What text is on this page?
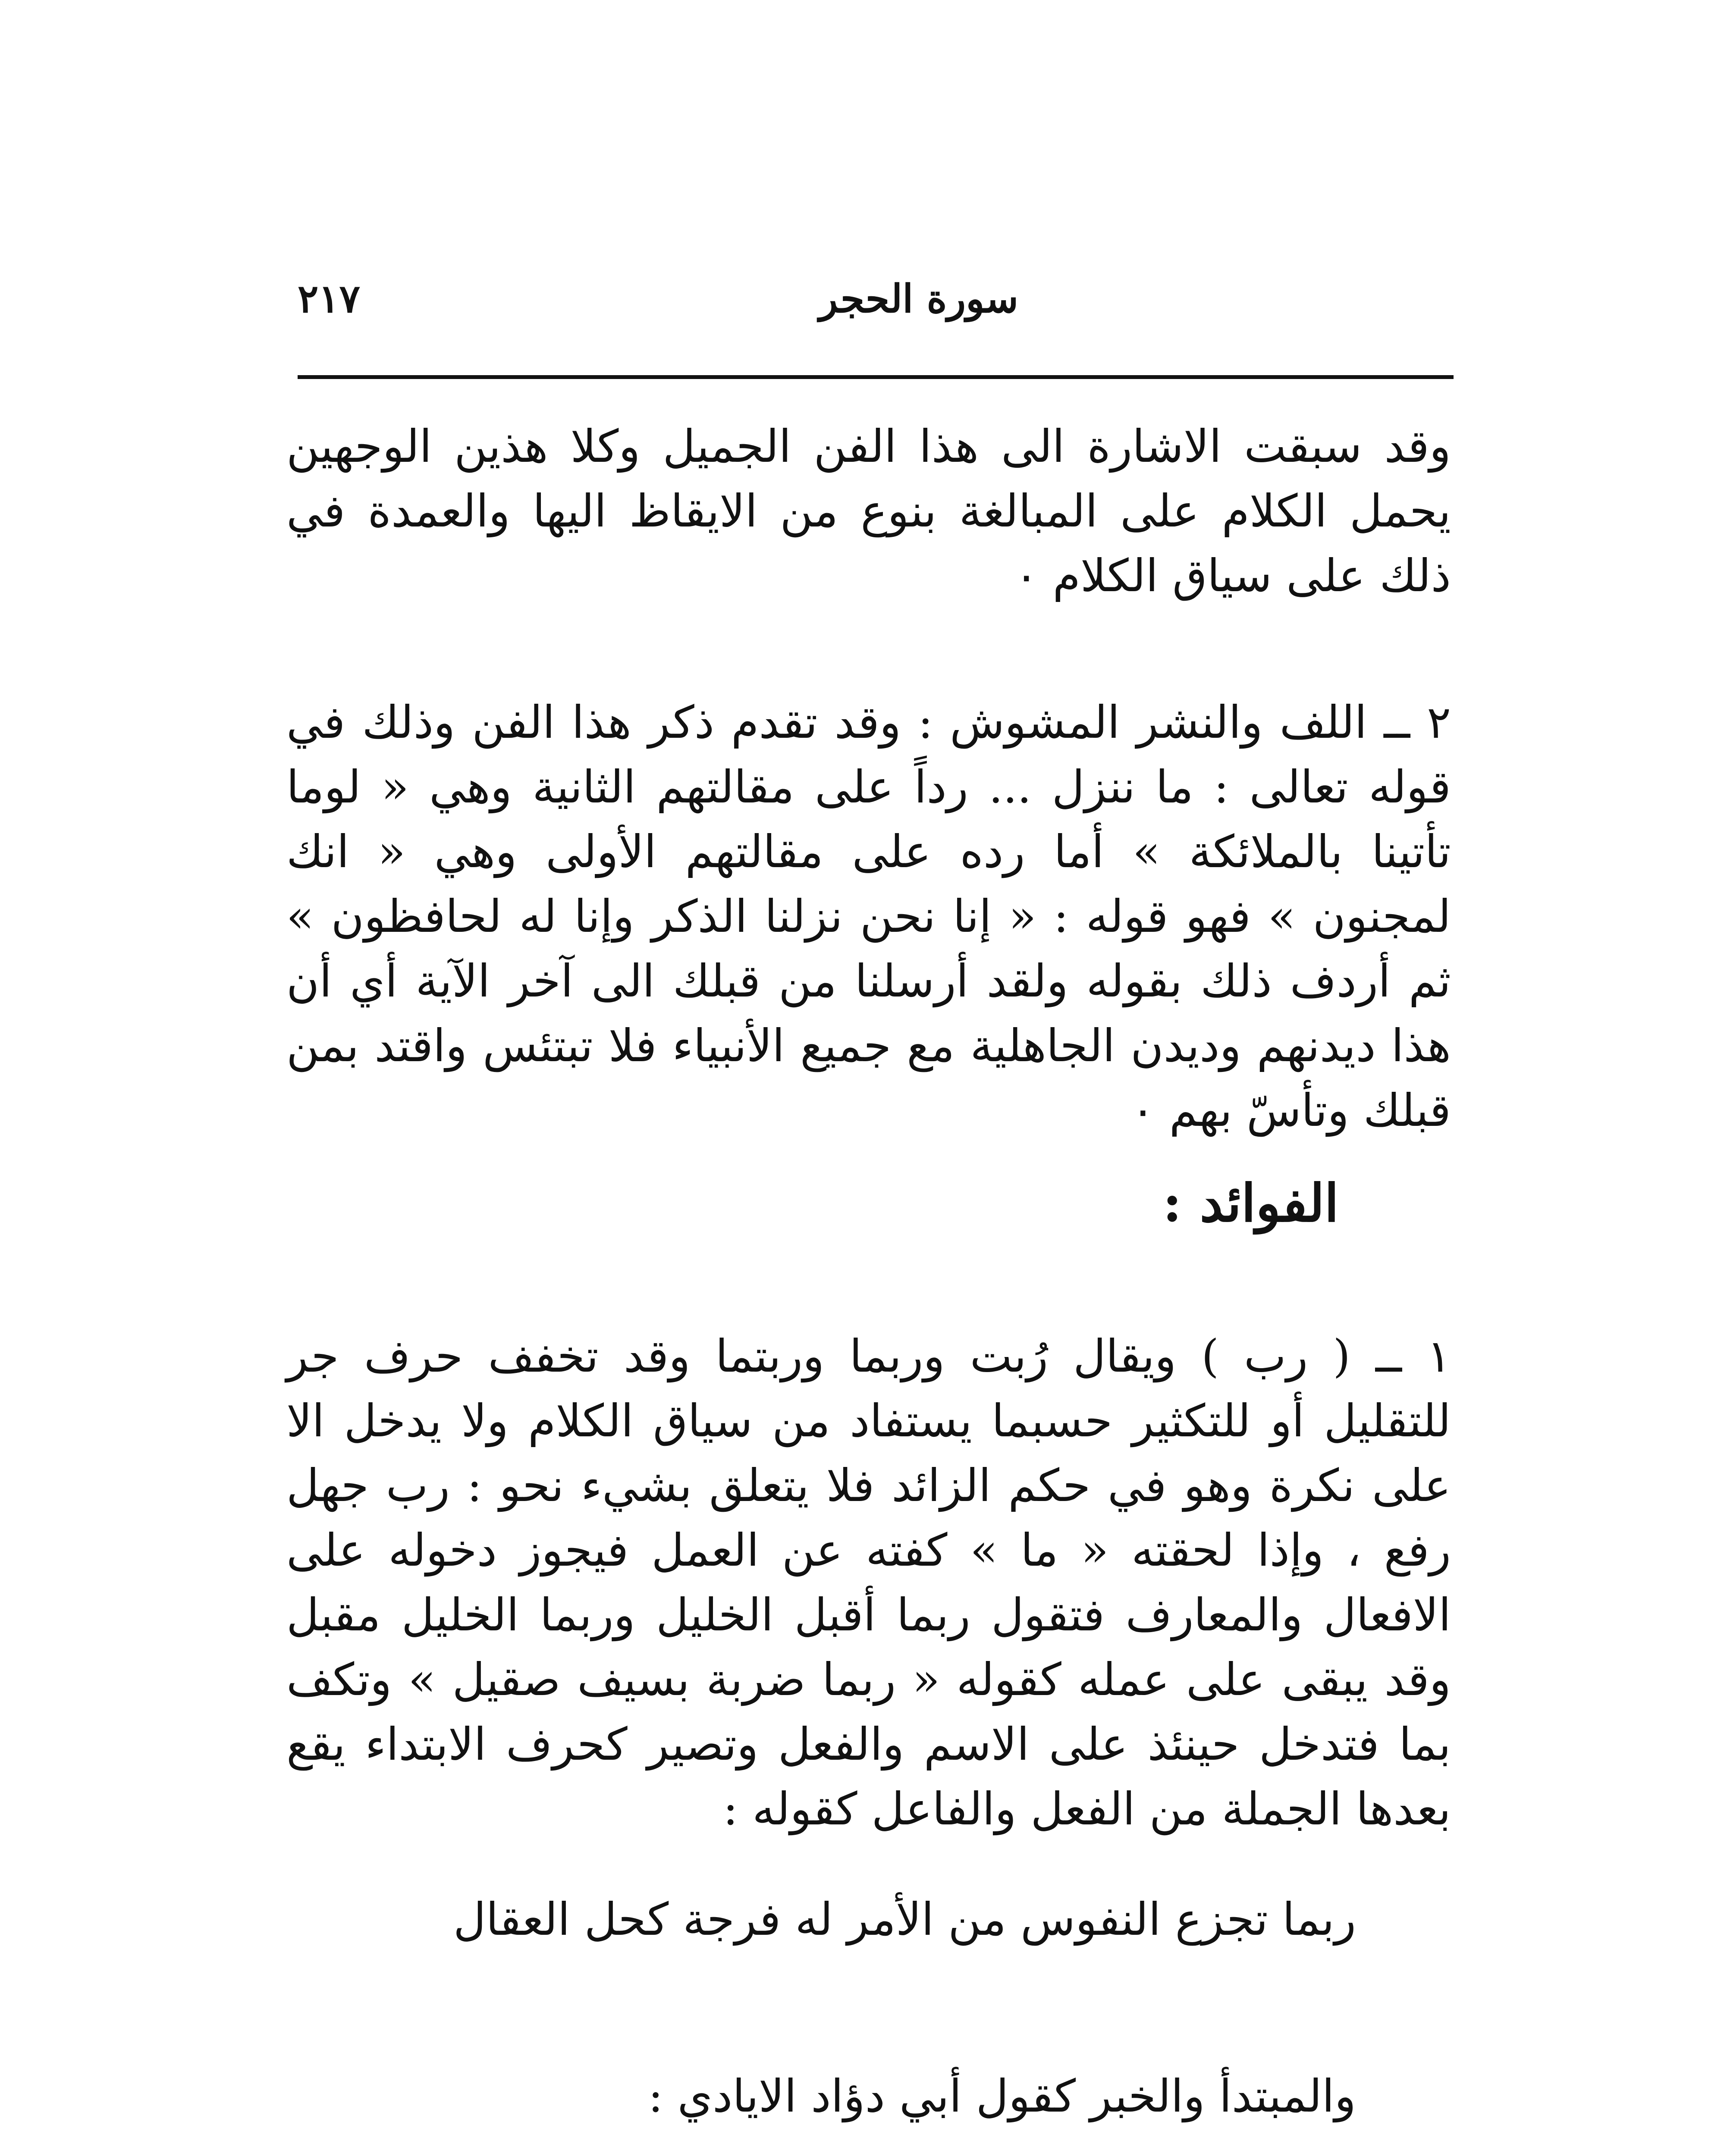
٢١٧	سورة الحجر

وقد سبقت الاشارة الى هذا الفن الجميل وكلا هذين الوجهين يحمل الكلام على المبالغة بنوع من الايقاظ اليها والعمدة في ذلك على سياق الكلام ٠

٢ ــ اللف والنشر المشوش : وقد تقدم ذكر هذا الفن وذلك في قوله تعالى : ما ننزل ... رداً على مقالتهم الثانية وهي « لوما تأتينا بالملائكة » أما رده على مقالتهم الأولى وهي « انك لمجنون » فهو قوله : « إنا نحن نزلنا الذكر وإنا له لحافظون » ثم أردف ذلك بقوله ولقد أرسلنا من قبلك الى آخر الآية أي أن هذا ديدنهم وديدن الجاهلية مع جميع الأنبياء فلا تبتئس واقتد بمن قبلك وتأسّ بهم ٠

الفوائد :

١ ــ ( رب ) ويقال رُبت وربما وربتما وقد تخفف حرف جر للتقليل أو للتكثير حسبما يستفاد من سياق الكلام ولا يدخل الا على نكرة وهو في حكم الزائد فلا يتعلق بشيء نحو : رب جهل رفع ، وإذا لحقته « ما » كفته عن العمل فيجوز دخوله على الافعال والمعارف فتقول ربما أقبل الخليل وربما الخليل مقبل وقد يبقى على عمله كقوله « ربما ضربة بسيف صقيل » وتكف بما فتدخل حينئذ على الاسم والفعل وتصير كحرف الابتداء يقع بعدها الجملة من الفعل والفاعل كقوله :

ربما تجزع النفوس من الأمر له فرجة كحل العقال
والمبتدأ والخبر كقول أبي دؤاد الايادي :
